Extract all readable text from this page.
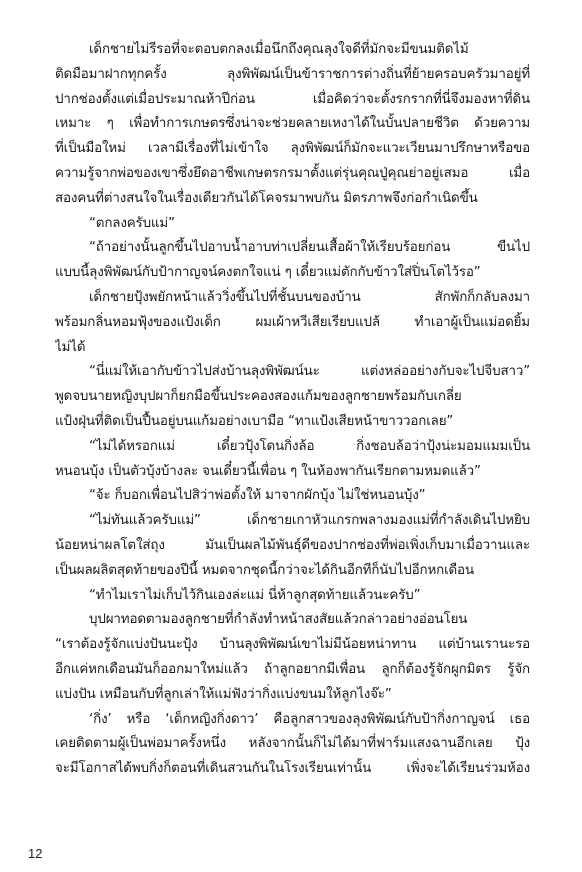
เด็กชายไม่รีรอที่จะตอบตกลงเมื่อนึกถึงคุณลุงใจดีที่มักจะมีขนมติดไม้
ติดมือมาฝากทุกครั้ง ลุงพิพัฒน์เป็นข้าราชการต่างถิ่นที่ย้ายครอบครัวมาอยู่ที่
ปากช่องตั้งแต่เมื่อประมาณห้าปีก่อน เมื่อคิดว่าจะตั้งรกรากที่นี่จึงมองหาที่ดิน
เหมาะ ๆ เพื่อทำการเกษตรซึ่งน่าจะช่วยคลายเหงาได้ในบั้นปลายชีวิต ด้วยความ
ที่เป็นมือใหม่ เวลามีเรื่องที่ไม่เข้าใจ ลุงพิพัฒน์ก็มักจะแวะเวียนมาปรึกษาหรือขอ
ความรู้จากพ่อของเขาซึ่งยึดอาชีพเกษตรกรมาตั้งแต่รุ่นคุณปู่คุณย่าอยู่เสมอ เมื่อ
สองคนที่ต่างสนใจในเรื่องเดียวกันได้โคจรมาพบกัน มิตรภาพจึงก่อกำเนิดขึ้น
“ตกลงครับแม่”
“ถ้าอย่างนั้นลูกขึ้นไปอาบน้ำอาบท่าเปลี่ยนเสื้อผ้าให้เรียบร้อยก่อน ขืนไป
แบบนี้ลุงพิพัฒน์กับป้ากาญจน์คงตกใจแน่ ๆ เดี๋ยวแม่ตักกับข้าวใส่ปิ่นโตไว้รอ”
เด็กชายปุ้งพยักหน้าแล้ววิ่งขึ้นไปที่ชั้นบนของบ้าน สักพักก็กลับลงมา
พร้อมกลิ่นหอมฟุ้งของแป้งเด็ก ผมเผ้าหวีเสียเรียบแปล้ ทำเอาผู้เป็นแม่อดยิ้ม
ไม่ได้
“นี่แม่ให้เอากับข้าวไปส่งบ้านลุงพิพัฒน์นะ แต่งหล่ออย่างกับจะไปจีบสาว”
พูดจบนายหญิงบุปผาก็ยกมือขึ้นประคองสองแก้มของลูกชายพร้อมกับเกลี่ย
แป้งฝุ่นที่ติดเป็นปื้นอยู่บนแก้มอย่างเบามือ “ทาแป้งเสียหน้าขาววอกเลย”
“ไม่ได้หรอกแม่ เดี๋ยวปุ้งโดนกิ่งล้อ กิ่งชอบล้อว่าปุ้งน่ะมอมแมมเป็น
หนอนบุ้ง เป็นตัวบุ้งบ้างละ จนเดี๋ยวนี้เพื่อน ๆ ในห้องพากันเรียกตามหมดแล้ว”
“จ้ะ ก็บอกเพื่อนไปสิว่าพ่อตั้งให้ มาจากผักบุ้ง ไม่ใช่หนอนบุ้ง”
“ไม่ทันแล้วครับแม่” เด็กชายเกาหัวแกรกพลางมองแม่ที่กำลังเดินไปหยิบ
น้อยหน่าผลโตใส่ถุง มันเป็นผลไม้พันธุ์ดีของปากช่องที่พ่อเพิ่งเก็บมาเมื่อวานและ
เป็นผลผลิตสุดท้ายของปีนี้ หมดจากชุดนี้กว่าจะได้กินอีกทีก็นับไปอีกหกเดือน
“ทำไมเราไม่เก็บไว้กินเองล่ะแม่ นี่ห้าลูกสุดท้ายแล้วนะครับ”
บุปผาทอดตามองลูกชายที่กำลังทำหน้าสงสัยแล้วกล่าวอย่างอ่อนโยน
“เราต้องรู้จักแบ่งปันนะปุ้ง บ้านลุงพิพัฒน์เขาไม่มีน้อยหน่าทาน แต่บ้านเรานะรอ
อีกแค่หกเดือนมันก็ออกมาใหม่แล้ว ถ้าลูกอยากมีเพื่อน ลูกก็ต้องรู้จักผูกมิตร รู้จัก
แบ่งปัน เหมือนกับที่ลูกเล่าให้แม่ฟังว่ากิ่งแบ่งขนมให้ลูกไงจ๊ะ”
‘กิ่ง’ หรือ ‘เด็กหญิงกิ่งดาว’ คือลูกสาวของลุงพิพัฒน์กับป้ากิ่งกาญจน์ เธอ
เคยติดตามผู้เป็นพ่อมาครั้งหนึ่ง หลังจากนั้นก็ไม่ได้มาที่ฟาร์มแสงฉานอีกเลย ปุ้ง
จะมีโอกาสได้พบกิ่งก็ตอนที่เดินสวนกันในโรงเรียนเท่านั้น เพิ่งจะได้เรียนร่วมห้อง
12
